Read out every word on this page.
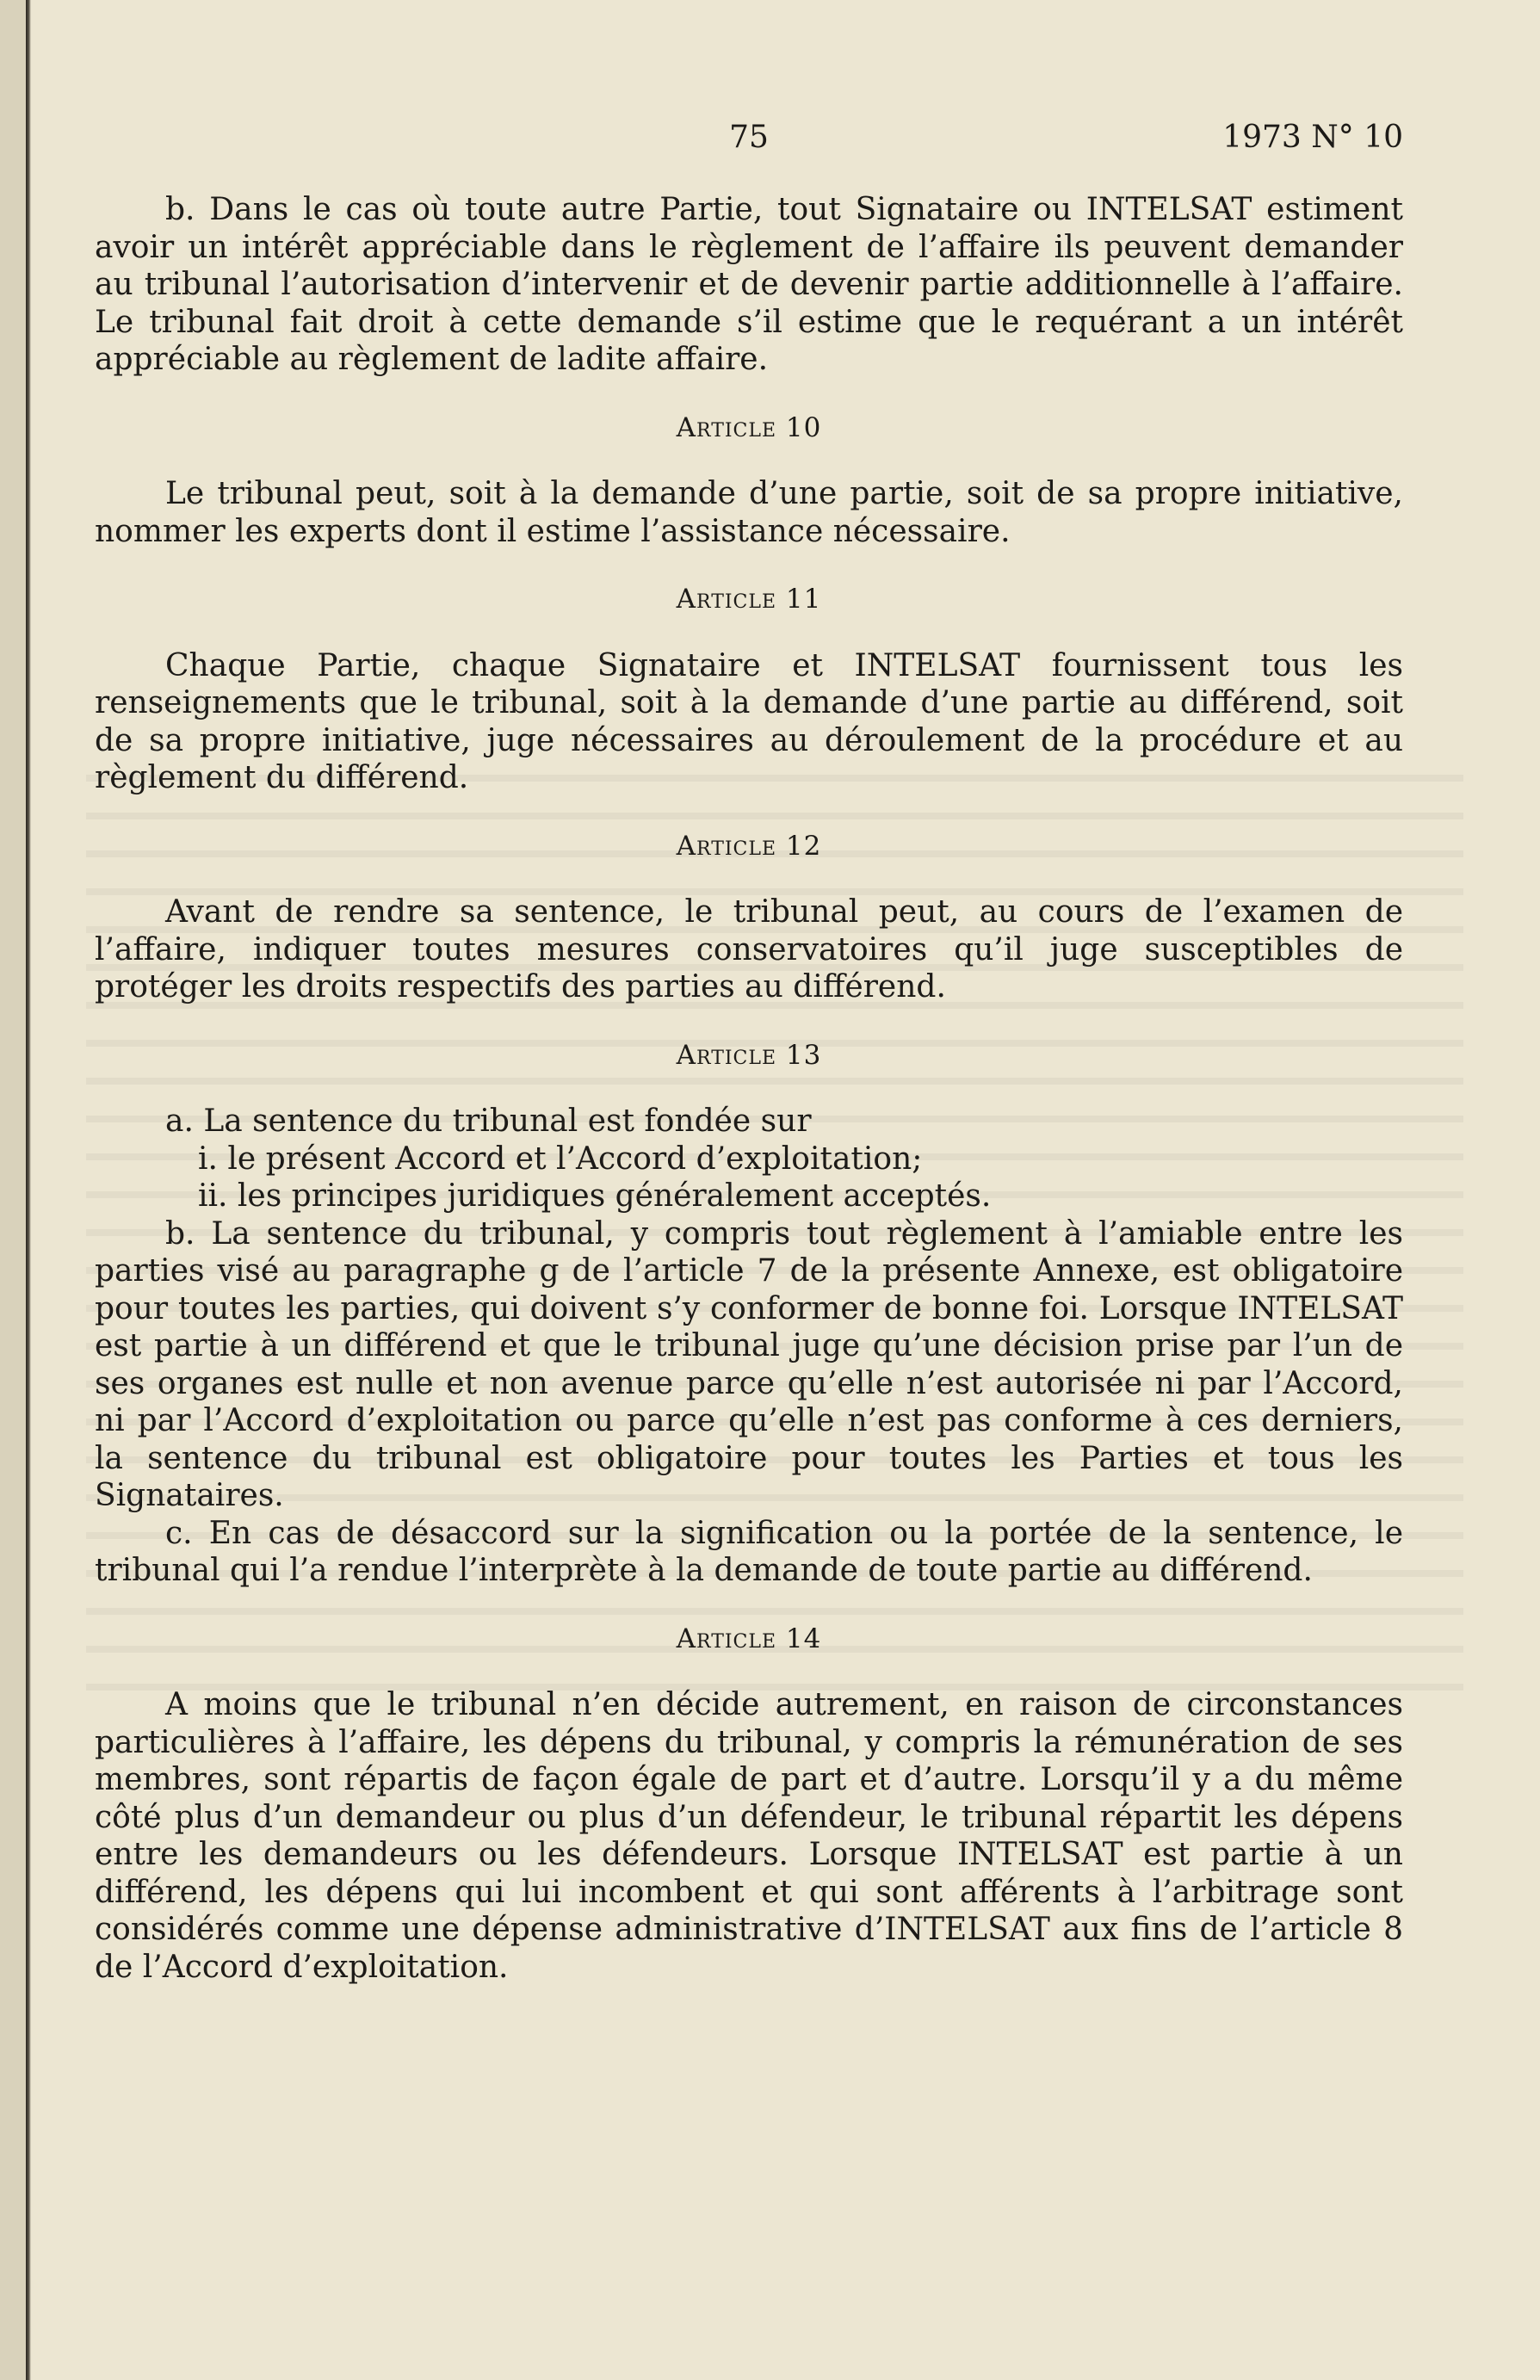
75	1973 N° 10

b. Dans le cas où toute autre Partie, tout Signataire ou INTELSAT estiment avoir un intérêt appréciable dans le règlement de l’affaire ils peuvent demander au tribunal l’autorisation d’intervenir et de devenir partie additionnelle à l’affaire. Le tribunal fait droit à cette demande s’il estime que le requérant a un intérêt appréciable au règlement de ladite affaire.

Article 10

Le tribunal peut, soit à la demande d’une partie, soit de sa propre initiative, nommer les experts dont il estime l’assistance nécessaire.

Article 11

Chaque Partie, chaque Signataire et INTELSAT fournissent tous les renseignements que le tribunal, soit à la demande d’une partie au différend, soit de sa propre initiative, juge nécessaires au déroulement de la procédure et au règlement du différend.

Article 12

Avant de rendre sa sentence, le tribunal peut, au cours de l’examen de l’affaire, indiquer toutes mesures conservatoires qu’il juge susceptibles de protéger les droits respectifs des parties au différend.

Article 13

a. La sentence du tribunal est fondée sur

i. le présent Accord et l’Accord d’exploitation;

ii. les principes juridiques généralement acceptés.

b. La sentence du tribunal, y compris tout règlement à l’amiable entre les parties visé au paragraphe g de l’article 7 de la présente Annexe, est obligatoire pour toutes les parties, qui doivent s’y conformer de bonne foi. Lorsque INTELSAT est partie à un différend et que le tribunal juge qu’une décision prise par l’un de ses organes est nulle et non avenue parce qu’elle n’est autorisée ni par l’Accord, ni par l’Accord d’exploitation ou parce qu’elle n’est pas conforme à ces derniers, la sentence du tribunal est obligatoire pour toutes les Parties et tous les Signataires.

c. En cas de désaccord sur la signification ou la portée de la sentence, le tribunal qui l’a rendue l’interprète à la demande de toute partie au différend.

Article 14

A moins que le tribunal n’en décide autrement, en raison de circonstances particulières à l’affaire, les dépens du tribunal, y compris la rémunération de ses membres, sont répartis de façon égale de part et d’autre. Lorsqu’il y a du même côté plus d’un demandeur ou plus d’un défendeur, le tribunal répartit les dépens entre les demandeurs ou les défendeurs. Lorsque INTELSAT est partie à un différend, les dépens qui lui incombent et qui sont afférents à l’arbitrage sont considérés comme une dépense administrative d’INTELSAT aux fins de l’article 8 de l’Accord d’exploitation.
